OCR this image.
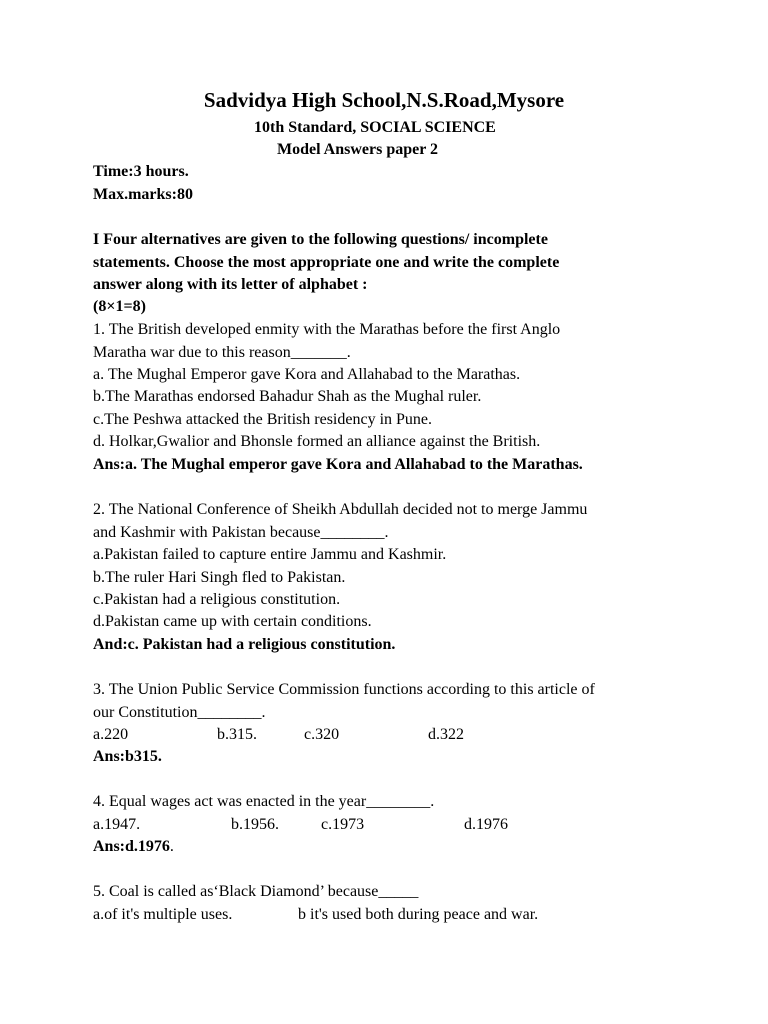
Sadvidya High School,N.S.Road,Mysore
10th Standard, SOCIAL SCIENCE
Model Answers paper 2
Time:3 hours.
Max.marks:80
I Four alternatives are given to the following questions/ incomplete
statements. Choose the most appropriate one and write the complete
answer along with its letter of alphabet :
(8×1=8)
1. The British developed enmity with the Marathas before the first Anglo
Maratha war due to this reason_______.
a. The Mughal Emperor gave Kora and Allahabad to the Marathas.
b.The Marathas endorsed Bahadur Shah as the Mughal ruler.
c.The Peshwa attacked the British residency in Pune.
d. Holkar,Gwalior and Bhonsle formed an alliance against the British.
Ans:a. The Mughal emperor gave Kora and Allahabad to the Marathas.
2. The National Conference of Sheikh Abdullah decided not to merge Jammu
and Kashmir with Pakistan because________.
a.Pakistan failed to capture entire Jammu and Kashmir.
b.The ruler Hari Singh fled to Pakistan.
c.Pakistan had a religious constitution.
d.Pakistan came up with certain conditions.
And:c. Pakistan had a religious constitution.
3. The Union Public Service Commission functions according to this article of
our Constitution________.
a.220	b.315.	c.320	d.322
Ans:b315.
4. Equal wages act was enacted in the year________.
a.1947.	b.1956.	c.1973	d.1976
Ans:d.1976.
5. Coal is called as‘Black Diamond’ because_____
a.of it's multiple uses.	b it's used both during peace and war.
